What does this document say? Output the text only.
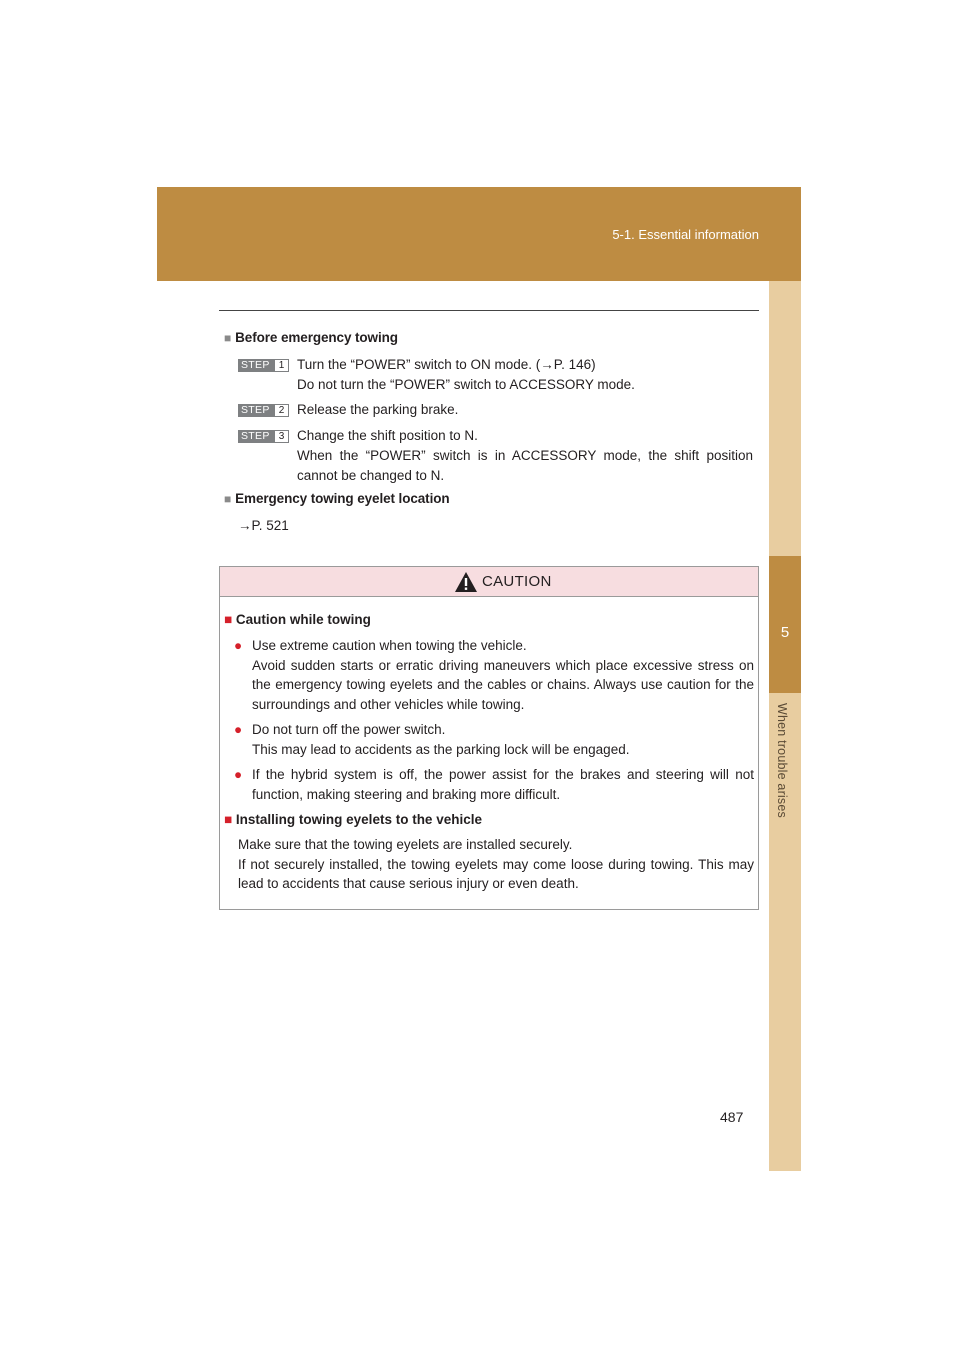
5-1. Essential information
5
When trouble arises
■ Before emergency towing
STEP 1 Turn the “POWER” switch to ON mode. (→P. 146)
Do not turn the “POWER” switch to ACCESSORY mode.
STEP 2 Release the parking brake.
STEP 3 Change the shift position to N.
When the “POWER” switch is in ACCESSORY mode, the shift position cannot be changed to N.
■ Emergency towing eyelet location
→P. 521
CAUTION
■ Caution while towing
● Use extreme caution when towing the vehicle.
Avoid sudden starts or erratic driving maneuvers which place excessive stress on the emergency towing eyelets and the cables or chains. Always use caution for the surroundings and other vehicles while towing.
● Do not turn off the power switch.
This may lead to accidents as the parking lock will be engaged.
● If the hybrid system is off, the power assist for the brakes and steering will not function, making steering and braking more difficult.
■ Installing towing eyelets to the vehicle
Make sure that the towing eyelets are installed securely.
If not securely installed, the towing eyelets may come loose during towing. This may lead to accidents that cause serious injury or even death.
487
